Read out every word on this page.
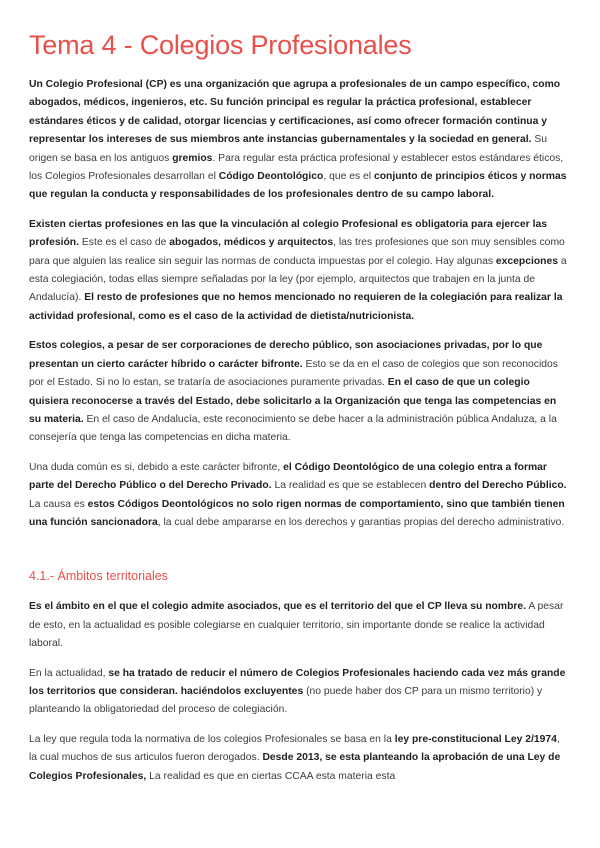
Tema 4 - Colegios Profesionales

Un Colegio Profesional (CP) es una organización que agrupa a profesionales de un campo específico, como abogados, médicos, ingenieros, etc. Su función principal es regular la práctica profesional, establecer estándares éticos y de calidad, otorgar licencias y certificaciones, así como ofrecer formación continua y representar los intereses de sus miembros ante instancias gubernamentales y la sociedad en general. Su origen se basa en los antiguos gremios. Para regular esta práctica profesional y establecer estos estándares éticos, los Colegios Profesionales desarrollan el Código Deontológico, que es el conjunto de principios éticos y normas que regulan la conducta y responsabilidades de los profesionales dentro de su campo laboral.

Existen ciertas profesiones en las que la vinculación al colegio Profesional es obligatoria para ejercer las profesión. Este es el caso de abogados, médicos y arquitectos, las tres profesiones que son muy sensibles como para que alguien las realice sin seguir las normas de conducta impuestas por el colegio. Hay algunas excepciones a esta colegiación, todas ellas siempre señaladas por la ley (por ejemplo, arquitectos que trabajen en la junta de Andalucía). El resto de profesiones que no hemos mencionado no requieren de la colegiación para realizar la actividad profesional, como es el caso de la actividad de dietista/nutricionista.

Estos colegios, a pesar de ser corporaciones de derecho público, son asociaciones privadas, por lo que presentan un cierto carácter híbrido o carácter bifronte. Esto se da en el caso de colegios que son reconocidos por el Estado. Si no lo estan, se trataría de asociaciones puramente privadas. En el caso de que un colegio quisiera reconocerse a través del Estado, debe solicitarlo a la Organización que tenga las competencias en su materia. En el caso de Andalucía, este reconocimiento se debe hacer a la administración pública Andaluza, a la consejería que tenga las competencias en dicha materia.

Una duda común es si, debido a este carácter bifronte, el Código Deontológico de una colegio entra a formar parte del Derecho Público o del Derecho Privado. La realidad es que se establecen dentro del Derecho Público. La causa es estos Códigos Deontológicos no solo rigen normas de comportamiento, sino que también tienen una función sancionadora, la cual debe ampararse en los derechos y garantias propias del derecho administrativo.

4.1.- Ámbitos territoriales

Es el ámbito en el que el colegio admite asociados, que es el territorio del que el CP lleva su nombre. A pesar de esto, en la actualidad es posible colegiarse en cualquier territorio, sin importante donde se realice la actividad laboral.

En la actualidad, se ha tratado de reducir el número de Colegios Profesionales haciendo cada vez más grande los territorios que consideran. haciéndolos excluyentes (no puede haber dos CP para un mismo territorio) y planteando la obligatoriedad del proceso de colegiación.

La ley que regula toda la normativa de los colegios Profesionales se basa en la ley pre-constitucional Ley 2/1974, la cual muchos de sus articulos fueron derogados. Desde 2013, se esta planteando la aprobación de una Ley de Colegios Profesionales, La realidad es que en ciertas CCAA esta materia esta
